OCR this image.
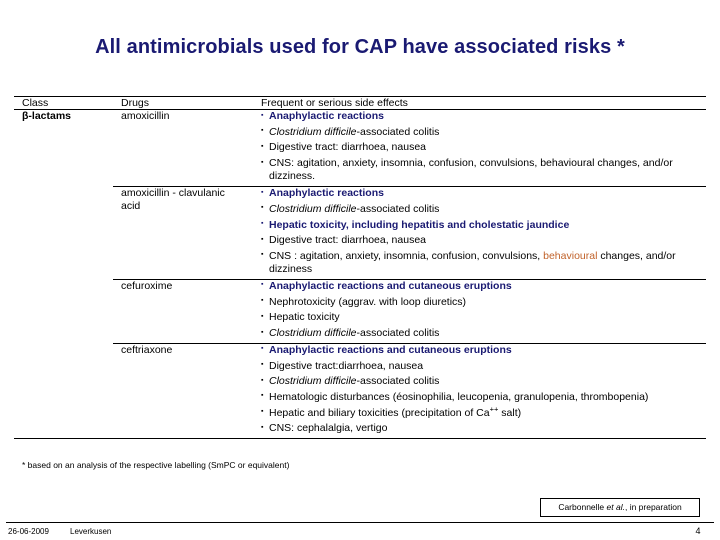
All antimicrobials used for CAP have associated risks *
Class	Drugs	Frequent or serious side effects
β-lactams	amoxicillin	
▪Anaphylactic reactions
▪ Clostridium difficile-associated colitis
▪ Digestive tract: diarrhoea, nausea
▪ CNS: agitation, anxiety, insomnia, confusion, convulsions, behavioural changes, and/or dizziness.
	amoxicillin - clavulanic acid	
▪ Anaphylactic reactions
▪ Clostridium difficile-associated colitis
▪ Hepatic toxicity, including hepatitis and cholestatic jaundice
▪ Digestive tract: diarrhoea, nausea
▪ CNS : agitation, anxiety, insomnia, confusion, convulsions, behavioural changes, and/or dizziness
	cefuroxime	
▪Anaphylactic reactions and cutaneous eruptions
▪ Nephrotoxicity (aggrav. with loop diuretics)
▪ Hepatic toxicity
▪ Clostridium difficile-associated colitis
	ceftriaxone	
▪Anaphylactic reactions and cutaneous eruptions
▪ Digestive tract:diarrhoea, nausea
▪ Clostridium difficile-associated colitis
▪ Hematologic disturbances (éosinophilia, leucopenia, granulopenia, thrombopenia)
▪ Hepatic and biliary toxicities (precipitation of Ca++ salt)
▪ CNS: cephalalgia, vertigo
* based on an analysis of the respective labelling (SmPC or equivalent)
Carbonnelle et al., in preparation
26-06-2009	Leverkusen	4
